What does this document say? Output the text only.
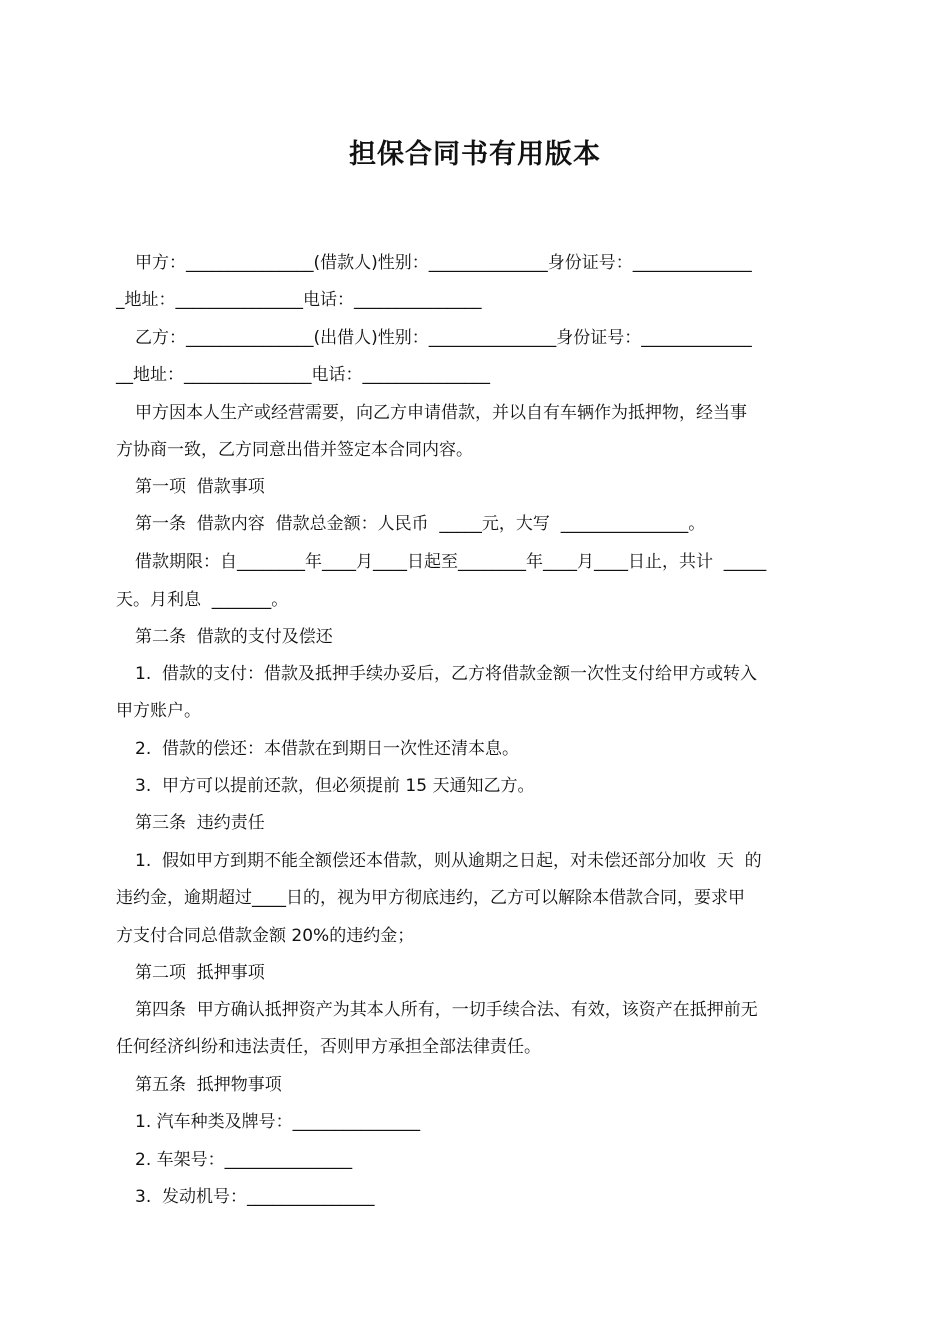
担保合同书有用版本
甲方：_______________(借款人)性别：______________身份证号：______________
_地址：_______________电话：_______________
乙方：_______________(出借人)性别：_______________身份证号：_____________
__地址：_______________电话：_______________
甲方因本人生产或经营需要，向乙方申请借款，并以自有车辆作为抵押物，经当事
方协商一致，乙方同意出借并签定本合同内容。
第一项  借款事项
第一条  借款内容  借款总金额：人民币  _____元，大写  _______________。
借款期限：自________年____月____日起至________年____月____日止，共计  _____
天。月利息  _______。
第二条  借款的支付及偿还
1.  借款的支付：借款及抵押手续办妥后，乙方将借款金额一次性支付给甲方或转入
甲方账户。
2.  借款的偿还：本借款在到期日一次性还清本息。
3.  甲方可以提前还款，但必须提前 15 天通知乙方。
第三条  违约责任
1.  假如甲方到期不能全额偿还本借款，则从逾期之日起，对未偿还部分加收  天  的
违约金，逾期超过____日的，视为甲方彻底违约，乙方可以解除本借款合同，要求甲
方支付合同总借款金额 20%的违约金；
第二项  抵押事项
第四条  甲方确认抵押资产为其本人所有，一切手续合法、有效，该资产在抵押前无
任何经济纠纷和违法责任，否则甲方承担全部法律责任。
第五条  抵押物事项
1. 汽车种类及牌号：_______________
2. 车架号：_______________
3.  发动机号：_______________
